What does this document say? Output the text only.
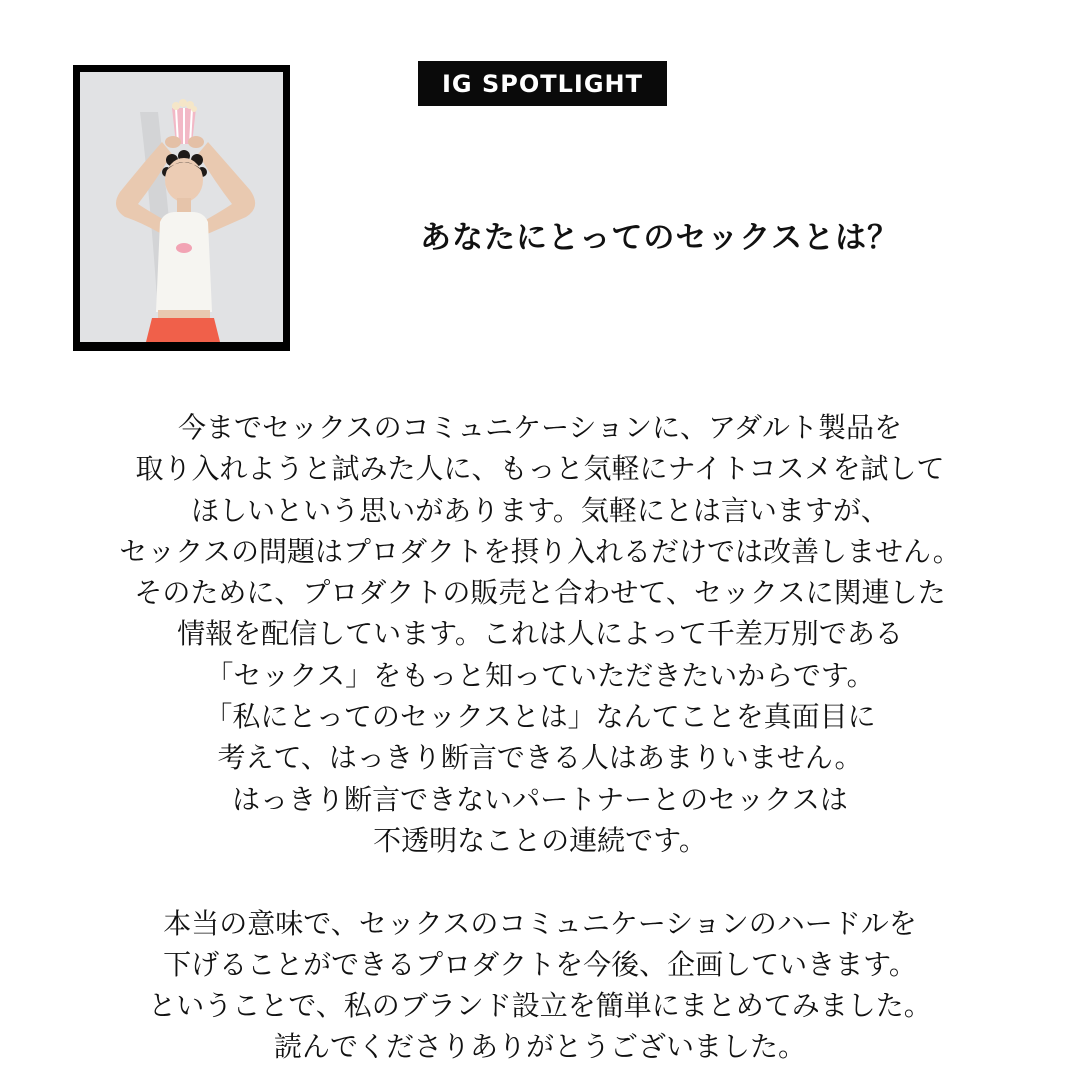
IG SPOTLIGHT
あなたにとってのセックスとは？
今までセックスのコミュニケーションに、アダルト製品を
取り入れようと試みた人に、もっと気軽にナイトコスメを試して
ほしいという思いがあります。気軽にとは言いますが、
セックスの問題はプロダクトを摂り入れるだけでは改善しません。
そのために、プロダクトの販売と合わせて、セックスに関連した
情報を配信しています。これは人によって千差万別である
「セックス」をもっと知っていただきたいからです。
「私にとってのセックスとは」なんてことを真面目に
考えて、はっきり断言できる人はあまりいません。
はっきり断言できないパートナーとのセックスは
不透明なことの連続です。
本当の意味で、セックスのコミュニケーションのハードルを
下げることができるプロダクトを今後、企画していきます。
ということで、私のブランド設立を簡単にまとめてみました。
読んでくださりありがとうございました。
